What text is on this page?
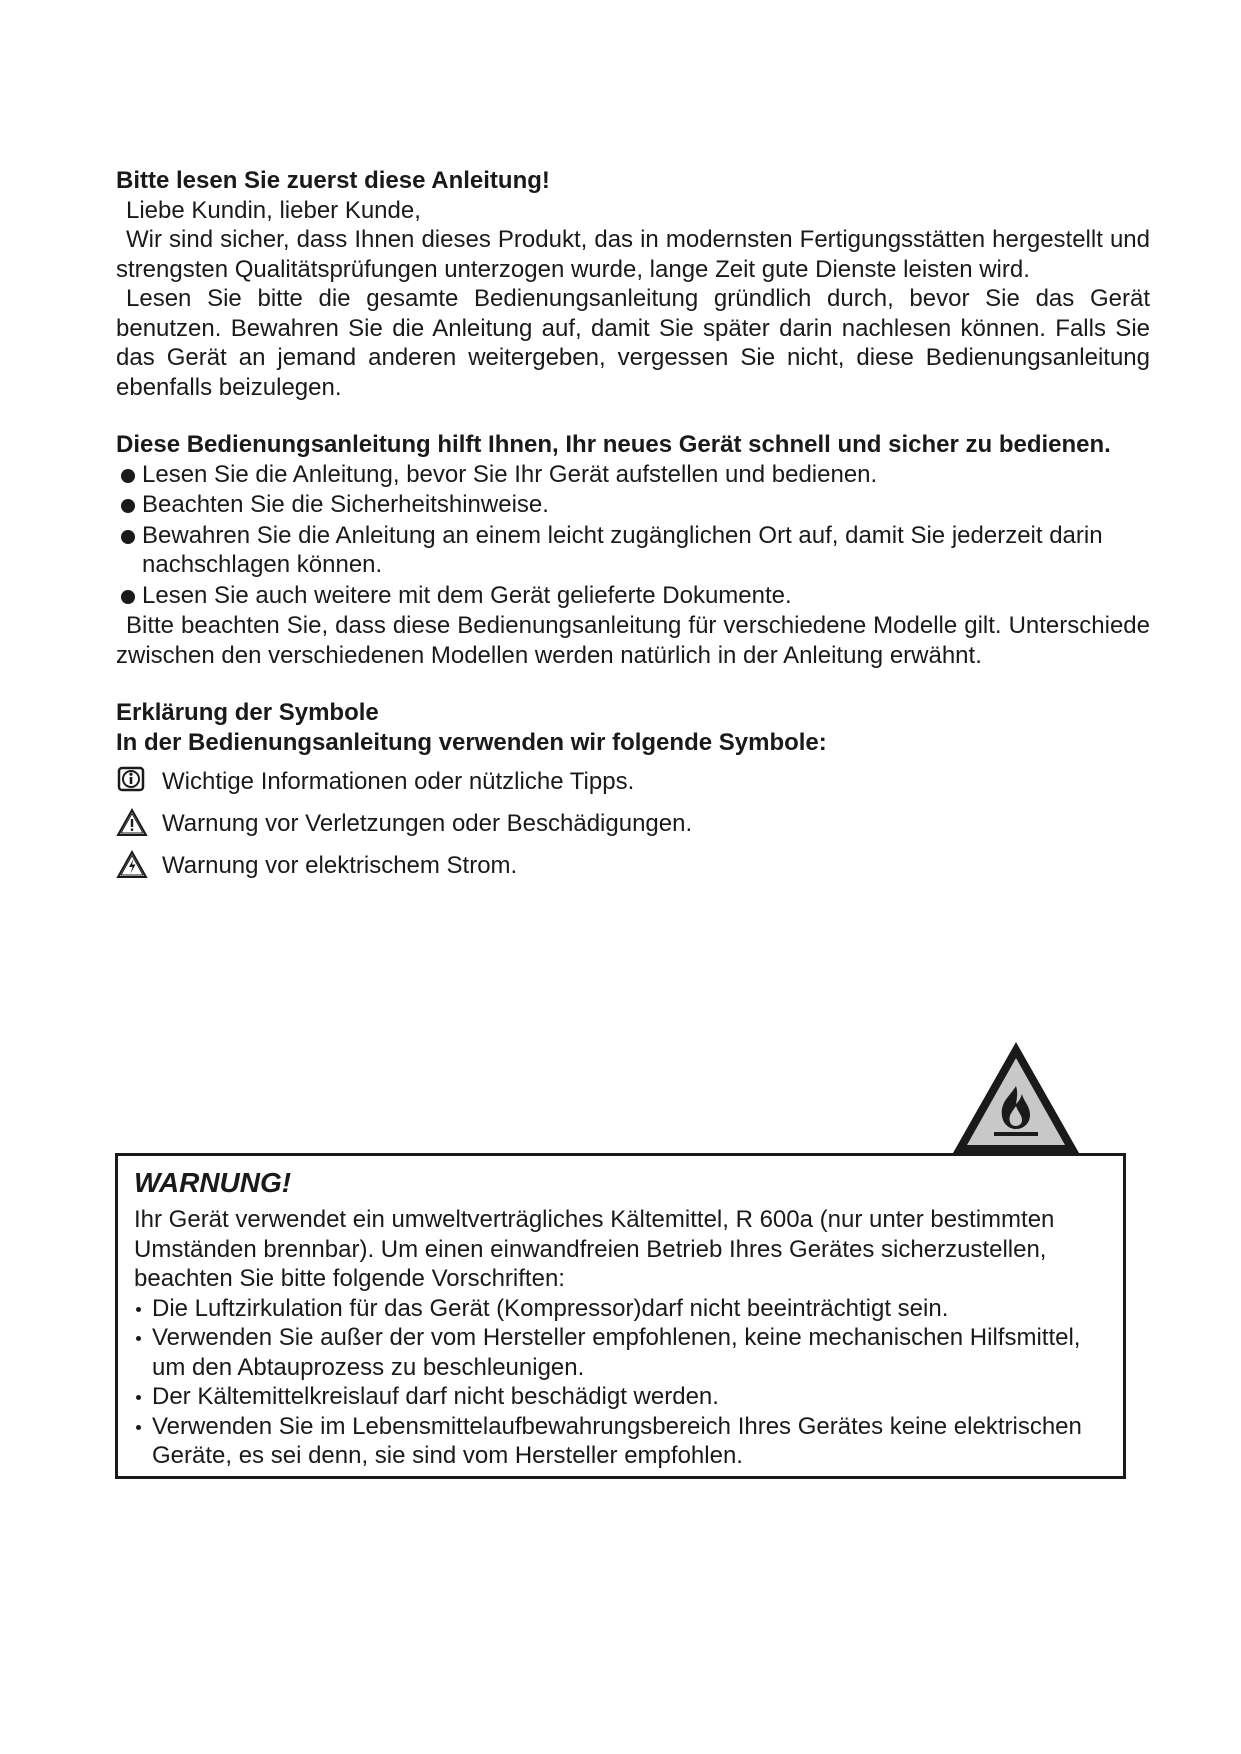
Bitte lesen Sie zuerst diese Anleitung!

Liebe Kundin, lieber Kunde,

Wir sind sicher, dass Ihnen dieses Produkt, das in modernsten Fertigungsstätten hergestellt und strengsten Qualitätsprüfungen unterzogen wurde, lange Zeit gute Dienste leisten wird.

Lesen Sie bitte die gesamte Bedienungsanleitung gründlich durch, bevor Sie das Gerät benutzen. Bewahren Sie die Anleitung auf, damit Sie später darin nachlesen können. Falls Sie das Gerät an jemand anderen weitergeben, vergessen Sie nicht, diese Bedienungsanleitung ebenfalls beizulegen.

Diese Bedienungsanleitung hilft Ihnen, Ihr neues Gerät schnell und sicher zu bedienen.

Lesen Sie die Anleitung, bevor Sie Ihr Gerät aufstellen und bedienen.
Beachten Sie die Sicherheitshinweise.
Bewahren Sie die Anleitung an einem leicht zugänglichen Ort auf, damit Sie jederzeit darin nachschlagen können.
Lesen Sie auch weitere mit dem Gerät gelieferte Dokumente.

Bitte beachten Sie, dass diese Bedienungsanleitung für verschiedene Modelle gilt. Unterschiede zwischen den verschiedenen Modellen werden natürlich in der Anleitung erwähnt.

Erklärung der Symbole

In der Bedienungsanleitung verwenden wir folgende Symbole:

Wichtige Informationen oder nützliche Tipps.
Warnung vor Verletzungen oder Beschädigungen.
Warnung vor elektrischem Strom.

WARNUNG!

Ihr Gerät verwendet ein umweltverträgliches Kältemittel, R 600a (nur unter bestimmten Umständen brennbar). Um einen einwandfreien Betrieb Ihres Gerätes sicherzustellen, beachten Sie bitte folgende Vorschriften:

Die Luftzirkulation für das Gerät (Kompressor)darf nicht beeinträchtigt sein.
Verwenden Sie außer der vom Hersteller empfohlenen, keine mechanischen Hilfsmittel, um den Abtauprozess zu beschleunigen.
Der Kältemittelkreislauf darf nicht beschädigt werden.
Verwenden Sie im Lebensmittelaufbewahrungsbereich Ihres Gerätes keine elektrischen Geräte, es sei denn, sie sind vom Hersteller empfohlen.
